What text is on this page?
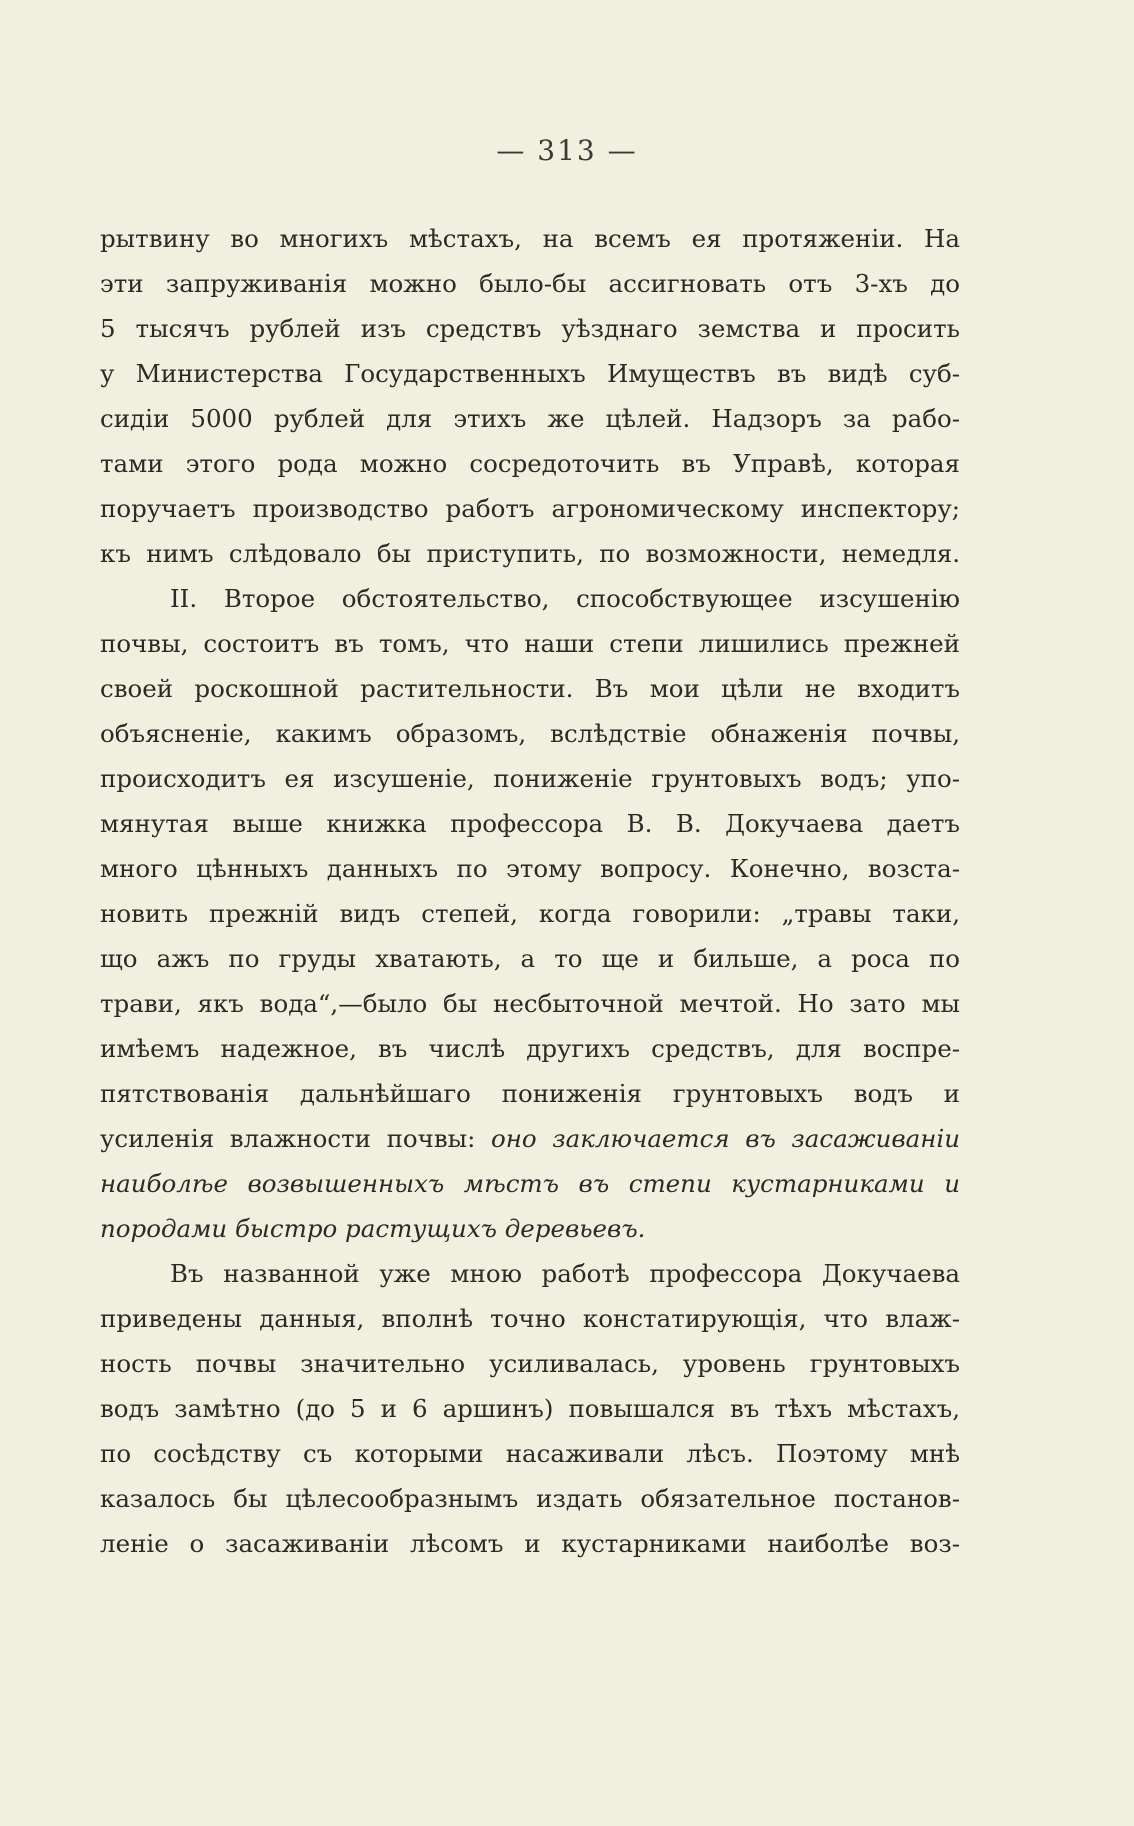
— 313 —
рытвину во многихъ мѣстахъ, на всемъ ея протяженіи. На
эти запруживанія можно было-бы ассигновать отъ 3-хъ до
5 тысячъ рублей изъ средствъ уѣзднаго земства и просить
у Министерства Государственныхъ Имуществъ въ видѣ суб-
сидіи 5000 рублей для этихъ же цѣлей. Надзоръ за рабо-
тами этого рода можно сосредоточить въ Управѣ, которая
поручаетъ производство работъ агрономическому инспектору;
къ нимъ слѣдовало бы приступить, по возможности, немедля.
II. Второе обстоятельство, способствующее изсушенію
почвы, состоитъ въ томъ, что наши степи лишились прежней
своей роскошной растительности. Въ мои цѣли не входитъ
объясненіе, какимъ образомъ, вслѣдствіе обнаженія почвы,
происходитъ ея изсушеніе, пониженіе грунтовыхъ водъ; упо-
мянутая выше книжка профессора В. В. Докучаева даетъ
много цѣнныхъ данныхъ по этому вопросу. Конечно, возста-
новить прежній видъ степей, когда говорили: „травы таки,
що ажъ по груды хватають, а то ще и бильше, а роса по
трави, якъ вода“,—было бы несбыточной мечтой. Но зато мы
имѣемъ надежное, въ числѣ другихъ средствъ, для воспре-
пятствованія дальнѣйшаго пониженія грунтовыхъ водъ и
усиленія влажности почвы: оно заключается въ засаживаніи
наиболѣе возвышенныхъ мѣстъ въ степи кустарниками и
породами быстро растущихъ деревьевъ.
Въ названной уже мною работѣ профессора Докучаева
приведены данныя, вполнѣ точно констатирующія, что влаж-
ность почвы значительно усиливалась, уровень грунтовыхъ
водъ замѣтно (до 5 и 6 аршинъ) повышался въ тѣхъ мѣстахъ,
по сосѣдству съ которыми насаживали лѣсъ. Поэтому мнѣ
казалось бы цѣлесообразнымъ издать обязательное постанов-
леніе о засаживаніи лѣсомъ и кустарниками наиболѣе воз-
